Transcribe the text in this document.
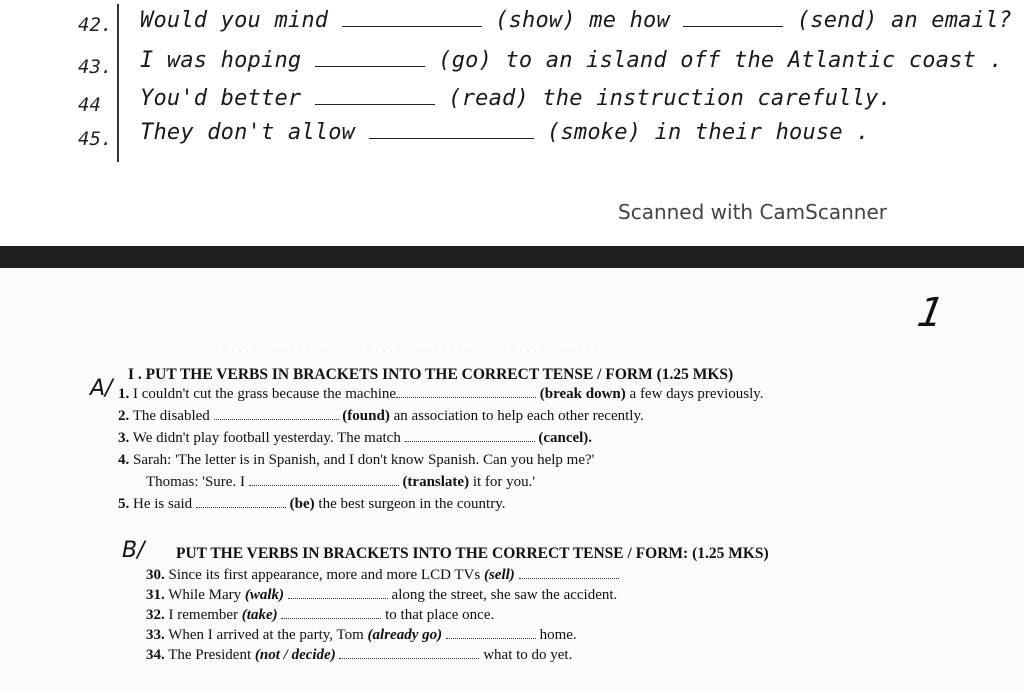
42. Would you mind	(show) me how	(send) an email?
43. I was hoping	(go) to an island off the Atlantic coast .
44 You'd better	(read) the instruction carefully.
45. They don't allow	(smoke) in their house .
Scanned with CamScanner
1
· · · · · · · · · · · · · · · · · · · · · · · · · · · · · · · · · · · · · · · · · · · · · · · · · · · · ·
A/
I . PUT THE VERBS IN BRACKETS INTO THE CORRECT TENSE / FORM (1.25 MKS)
1. I couldn't cut the grass because the machine	(break down) a few days previously.
2. The disabled	(found) an association to help each other recently.
3. We didn't play football yesterday. The match	(cancel).
4. Sarah: 'The letter is in Spanish, and I don't know Spanish. Can you help me?'
Thomas: 'Sure. I	(translate) it for you.'
5. He is said	(be) the best surgeon in the country.
B/ PUT THE VERBS IN BRACKETS INTO THE CORRECT TENSE / FORM: (1.25 MKS)
30. Since its first appearance, more and more LCD TVs (sell)
31. While Mary (walk)	along the street, she saw the accident.
32. I remember (take)	to that place once.
33. When I arrived at the party, Tom (already go)	home.
34. The President (not / decide)	what to do yet.
